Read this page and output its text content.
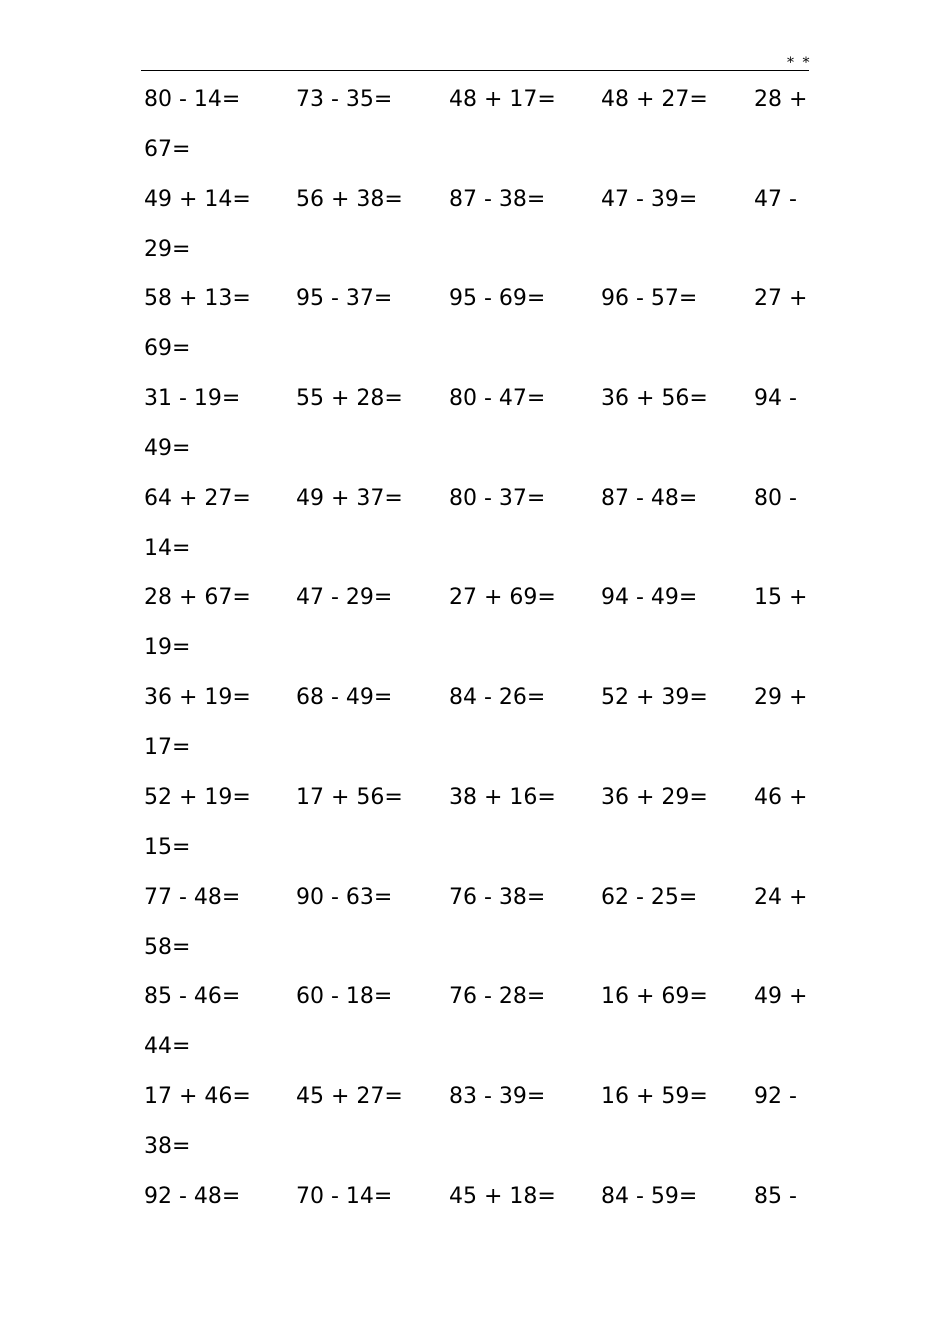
* *
80 - 14=	73 - 35=	48 + 17= 48 + 27= 28 +
67=
49 + 14= 56 + 38= 87 - 38=	47 - 39=	47 -
29=
58 + 13= 95 - 37=	95 - 69=	96 - 57=	27 +
69=
31 - 19=	55 + 28= 80 - 47=	36 + 56= 94 -
49=
64 + 27= 49 + 37= 80 - 37=	87 - 48=	80 -
14=
28 + 67= 47 - 29=	27 + 69= 94 - 49=	15 +
19=
36 + 19= 68 - 49=	84 - 26=	52 + 39= 29 +
17=
52 + 19= 17 + 56= 38 + 16= 36 + 29= 46 +
15=
77 - 48=	90 - 63=	76 - 38=	62 - 25=	24 +
58=
85 - 46=	60 - 18=	76 - 28=	16 + 69= 49 +
44=
17 + 46= 45 + 27= 83 - 39=	16 + 59= 92 -
38=
92 - 48=	70 - 14=	45 + 18= 84 - 59=	85 -
